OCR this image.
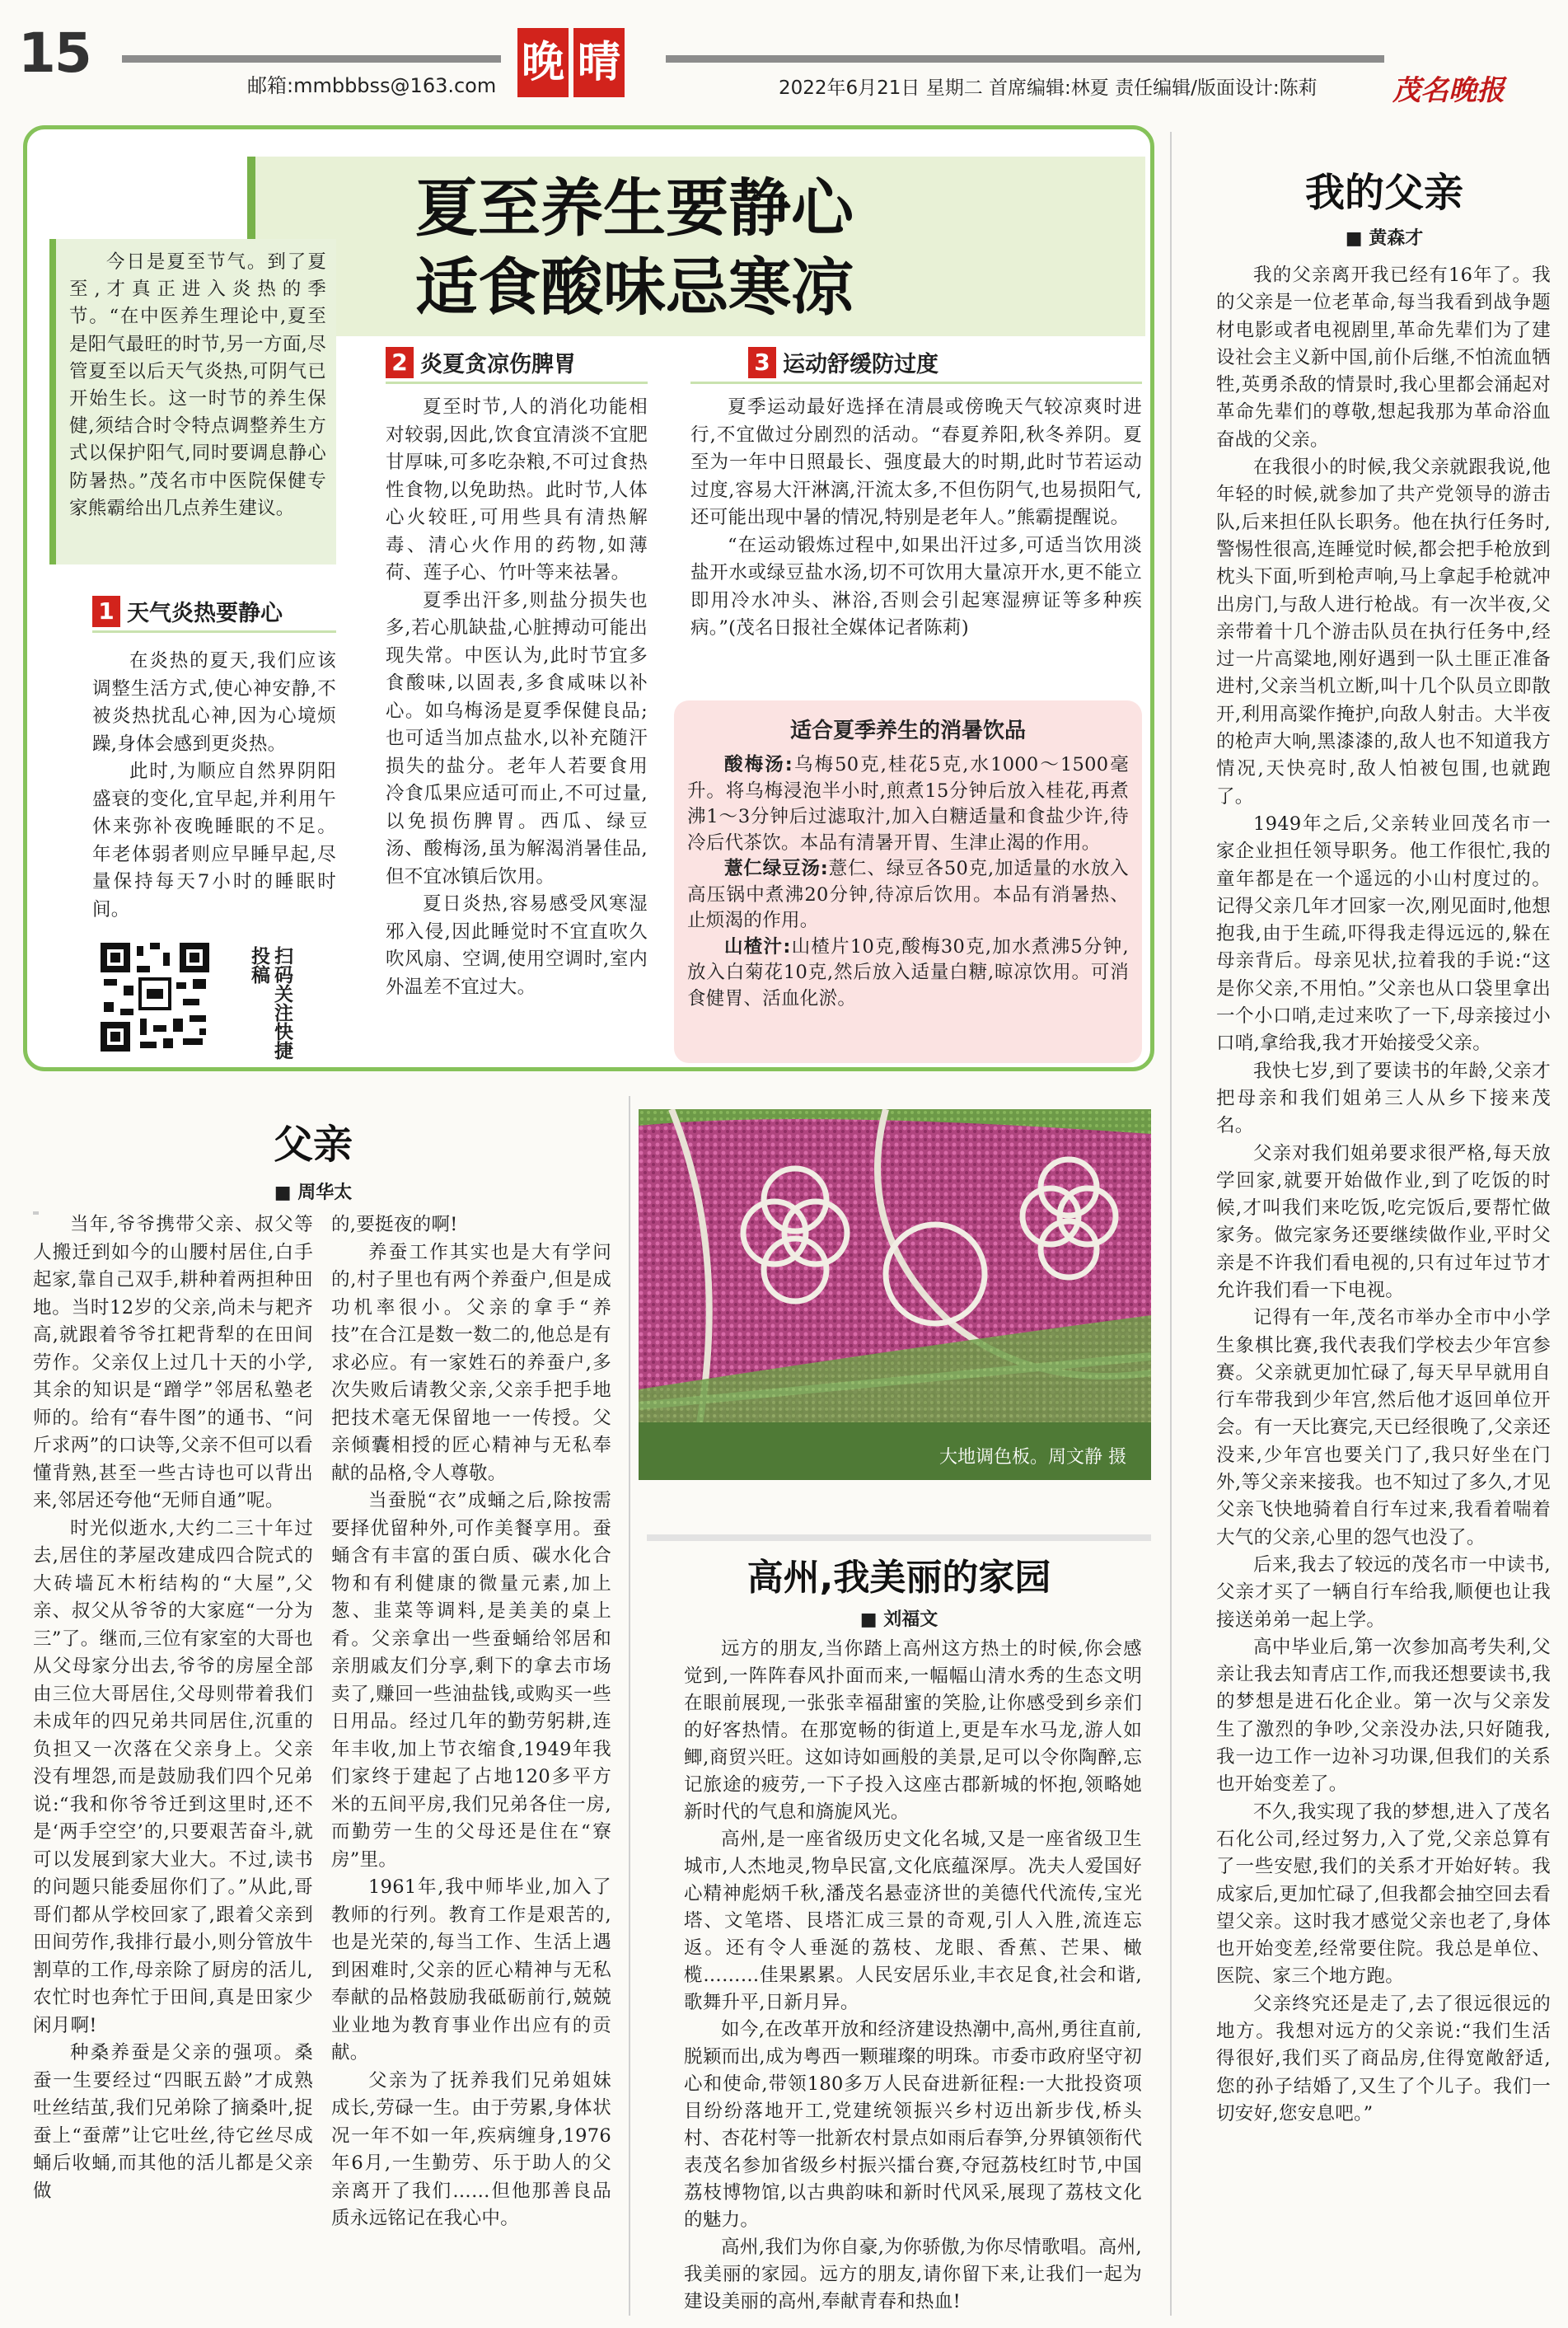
15
邮箱:mmbbbss@163.com 晚 晴
2022年6月21日 星期二 首席编辑:林夏 责任编辑/版面设计:陈莉	茂名晚报
夏至养生要静心
适食酸味忌寒凉

今日是夏至节气。到了夏至,才真正进入炎热的季节。“在中医养生理论中,夏至是阳气最旺的时节,另一方面,尽管夏至以后天气炎热,可阴气已开始生长。这一时节的养生保健,须结合时令特点调整养生方式以保护阳气,同时要调息静心防暑热。”茂名市中医院保健专家熊霸给出几点养生建议。

1 天气炎热要静心

在炎热的夏天,我们应该调整生活方式,使心神安静,不被炎热扰乱心神,因为心境烦躁,身体会感到更炎热。

此时,为顺应自然界阴阳盛衰的变化,宜早起,并利用午休来弥补夜晚睡眠的不足。年老体弱者则应早睡早起,尽量保持每天7小时的睡眠时间。

扫码关注快捷投稿
2 炎夏贪凉伤脾胃

夏至时节,人的消化功能相对较弱,因此,饮食宜清淡不宜肥甘厚味,可多吃杂粮,不可过食热性食物,以免助热。此时节,人体心火较旺,可用些具有清热解毒、清心火作用的药物,如薄荷、莲子心、竹叶等来祛暑。

夏季出汗多,则盐分损失也多,若心肌缺盐,心脏搏动可能出现失常。中医认为,此时节宜多食酸味,以固表,多食咸味以补心。如乌梅汤是夏季保健良品;也可适当加点盐水,以补充随汗损失的盐分。老年人若要食用冷食瓜果应适可而止,不可过量,以免损伤脾胃。西瓜、绿豆汤、酸梅汤,虽为解渴消暑佳品,但不宜冰镇后饮用。

夏日炎热,容易感受风寒湿邪入侵,因此睡觉时不宜直吹久吹风扇、空调,使用空调时,室内外温差不宜过大。

3 运动舒缓防过度

夏季运动最好选择在清晨或傍晚天气较凉爽时进行,不宜做过分剧烈的活动。“春夏养阳,秋冬养阴。夏至为一年中日照最长、强度最大的时期,此时节若运动过度,容易大汗淋漓,汗流太多,不但伤阴气,也易损阳气,还可能出现中暑的情况,特别是老年人。”熊霸提醒说。

“在运动锻炼过程中,如果出汗过多,可适当饮用淡盐开水或绿豆盐水汤,切不可饮用大量凉开水,更不能立即用冷水冲头、淋浴,否则会引起寒湿痹证等多种疾病。”(茂名日报社全媒体记者陈莉)

适合夏季养生的消暑饮品

酸梅汤:乌梅50克,桂花5克,水1000～1500毫升。将乌梅浸泡半小时,煎煮15分钟后放入桂花,再煮沸1～3分钟后过滤取汁,加入白糖适量和食盐少许,待冷后代茶饮。本品有清暑开胃、生津止渴的作用。

薏仁绿豆汤:薏仁、绿豆各50克,加适量的水放入高压锅中煮沸20分钟,待凉后饮用。本品有消暑热、止烦渴的作用。

山楂汁:山楂片10克,酸梅30克,加水煮沸5分钟,放入白菊花10克,然后放入适量白糖,晾凉饮用。可消食健胃、活血化淤。

父亲
■ 周华太

当年,爷爷携带父亲、叔父等人搬迁到如今的山腰村居住,白手起家,靠自己双手,耕种着两担种田地。当时12岁的父亲,尚未与耙齐高,就跟着爷爷扛耙背犁的在田间劳作。父亲仅上过几十天的小学,其余的知识是“蹭学”邻居私塾老师的。给有“春牛图”的通书、“问斤求两”的口诀等,父亲不但可以看懂背熟,甚至一些古诗也可以背出来,邻居还夸他“无师自通”呢。

时光似逝水,大约二三十年过去,居住的茅屋改建成四合院式的大砖墙瓦木桁结构的“大屋”,父亲、叔父从爷爷的大家庭“一分为三”了。继而,三位有家室的大哥也从父母家分出去,爷爷的房屋全部由三位大哥居住,父母则带着我们未成年的四兄弟共同居住,沉重的负担又一次落在父亲身上。父亲没有埋怨,而是鼓励我们四个兄弟说:“我和你爷爷迁到这里时,还不是‘两手空空’的,只要艰苦奋斗,就可以发展到家大业大。不过,读书的问题只能委屈你们了。”从此,哥哥们都从学校回家了,跟着父亲到田间劳作,我排行最小,则分管放牛割草的工作,母亲除了厨房的活儿,农忙时也奔忙于田间,真是田家少闲月啊!

种桑养蚕是父亲的强项。桑蚕一生要经过“四眠五龄”才成熟吐丝结茧,我们兄弟除了摘桑叶,捉蚕上“蚕蓆”让它吐丝,待它丝尽成蛹后收蛹,而其他的活儿都是父亲做

的,要挺夜的啊!

养蚕工作其实也是大有学问的,村子里也有两个养蚕户,但是成功机率很小。父亲的拿手“养技”在合江是数一数二的,他总是有求必应。有一家姓石的养蚕户,多次失败后请教父亲,父亲手把手地把技术毫无保留地一一传授。父亲倾囊相授的匠心精神与无私奉献的品格,令人尊敬。

当蚕脱“衣”成蛹之后,除按需要择优留种外,可作美餐享用。蚕蛹含有丰富的蛋白质、碳水化合物和有利健康的微量元素,加上葱、韭菜等调料,是美美的桌上肴。父亲拿出一些蚕蛹给邻居和亲朋戚友们分享,剩下的拿去市场卖了,赚回一些油盐钱,或购买一些日用品。经过几年的勤劳躬耕,连年丰收,加上节衣缩食,1949年我们家终于建起了占地120多平方米的五间平房,我们兄弟各住一房,而勤劳一生的父母还是住在“寮房”里。

1961年,我中师毕业,加入了教师的行列。教育工作是艰苦的,也是光荣的,每当工作、生活上遇到困难时,父亲的匠心精神与无私奉献的品格鼓励我砥砺前行,兢兢业业地为教育事业作出应有的贡献。

父亲为了抚养我们兄弟姐妹成长,劳碌一生。由于劳累,身体状况一年不如一年,疾病缠身,1976年6月,一生勤劳、乐于助人的父亲离开了我们……但他那善良品质永远铭记在我心中。

大地调色板。周文静 摄
高州,我美丽的家园
■ 刘福文

远方的朋友,当你踏上高州这方热土的时候,你会感觉到,一阵阵春风扑面而来,一幅幅山清水秀的生态文明在眼前展现,一张张幸福甜蜜的笑脸,让你感受到乡亲们的好客热情。在那宽畅的街道上,更是车水马龙,游人如鲫,商贸兴旺。这如诗如画般的美景,足可以令你陶醉,忘记旅途的疲劳,一下子投入这座古郡新城的怀抱,领略她新时代的气息和旖旎风光。

高州,是一座省级历史文化名城,又是一座省级卫生城市,人杰地灵,物阜民富,文化底蕴深厚。冼夫人爱国好心精神彪炳千秋,潘茂名悬壶济世的美德代代流传,宝光塔、文笔塔、艮塔汇成三景的奇观,引人入胜,流连忘返。还有令人垂涎的荔枝、龙眼、香蕉、芒果、橄榄………佳果累累。人民安居乐业,丰衣足食,社会和谐,歌舞升平,日新月异。

如今,在改革开放和经济建设热潮中,高州,勇往直前,脱颖而出,成为粤西一颗璀璨的明珠。市委市政府坚守初心和使命,带领180多万人民奋进新征程:一大批投资项目纷纷落地开工,党建统领振兴乡村迈出新步伐,桥头村、杏花村等一批新农村景点如雨后春笋,分界镇领衔代表茂名参加省级乡村振兴擂台赛,夺冠荔枝红时节,中国荔枝博物馆,以古典韵味和新时代风采,展现了荔枝文化的魅力。

高州,我们为你自豪,为你骄傲,为你尽情歌唱。高州,我美丽的家园。远方的朋友,请你留下来,让我们一起为建设美丽的高州,奉献青春和热血!

我的父亲
■ 黄森才

我的父亲离开我已经有16年了。我的父亲是一位老革命,每当我看到战争题材电影或者电视剧里,革命先辈们为了建设社会主义新中国,前仆后继,不怕流血牺牲,英勇杀敌的情景时,我心里都会涌起对革命先辈们的尊敬,想起我那为革命浴血奋战的父亲。

在我很小的时候,我父亲就跟我说,他年轻的时候,就参加了共产党领导的游击队,后来担任队长职务。他在执行任务时,警惕性很高,连睡觉时候,都会把手枪放到枕头下面,听到枪声响,马上拿起手枪就冲出房门,与敌人进行枪战。有一次半夜,父亲带着十几个游击队员在执行任务中,经过一片高粱地,刚好遇到一队土匪正准备进村,父亲当机立断,叫十几个队员立即散开,利用高粱作掩护,向敌人射击。大半夜的枪声大响,黑漆漆的,敌人也不知道我方情况,天快亮时,敌人怕被包围,也就跑了。

1949年之后,父亲转业回茂名市一家企业担任领导职务。他工作很忙,我的童年都是在一个遥远的小山村度过的。记得父亲几年才回家一次,刚见面时,他想抱我,由于生疏,吓得我走得远远的,躲在母亲背后。母亲见状,拉着我的手说:“这是你父亲,不用怕。”父亲也从口袋里拿出一个小口哨,走过来吹了一下,母亲接过小口哨,拿给我,我才开始接受父亲。

我快七岁,到了要读书的年龄,父亲才把母亲和我们姐弟三人从乡下接来茂名。

父亲对我们姐弟要求很严格,每天放学回家,就要开始做作业,到了吃饭的时候,才叫我们来吃饭,吃完饭后,要帮忙做家务。做完家务还要继续做作业,平时父亲是不许我们看电视的,只有过年过节才允许我们看一下电视。

记得有一年,茂名市举办全市中小学生象棋比赛,我代表我们学校去少年宫参赛。父亲就更加忙碌了,每天早早就用自行车带我到少年宫,然后他才返回单位开会。有一天比赛完,天已经很晚了,父亲还没来,少年宫也要关门了,我只好坐在门外,等父亲来接我。也不知过了多久,才见父亲飞快地骑着自行车过来,我看着喘着大气的父亲,心里的怨气也没了。

后来,我去了较远的茂名市一中读书,父亲才买了一辆自行车给我,顺便也让我接送弟弟一起上学。

高中毕业后,第一次参加高考失利,父亲让我去知青店工作,而我还想要读书,我的梦想是进石化企业。第一次与父亲发生了激烈的争吵,父亲没办法,只好随我,我一边工作一边补习功课,但我们的关系也开始变差了。

不久,我实现了我的梦想,进入了茂名石化公司,经过努力,入了党,父亲总算有了一些安慰,我们的关系才开始好转。我成家后,更加忙碌了,但我都会抽空回去看望父亲。这时我才感觉父亲也老了,身体也开始变差,经常要住院。我总是单位、医院、家三个地方跑。

父亲终究还是走了,去了很远很远的地方。我想对远方的父亲说:“我们生活得很好,我们买了商品房,住得宽敞舒适,您的孙子结婚了,又生了个儿子。我们一切安好,您安息吧。”
